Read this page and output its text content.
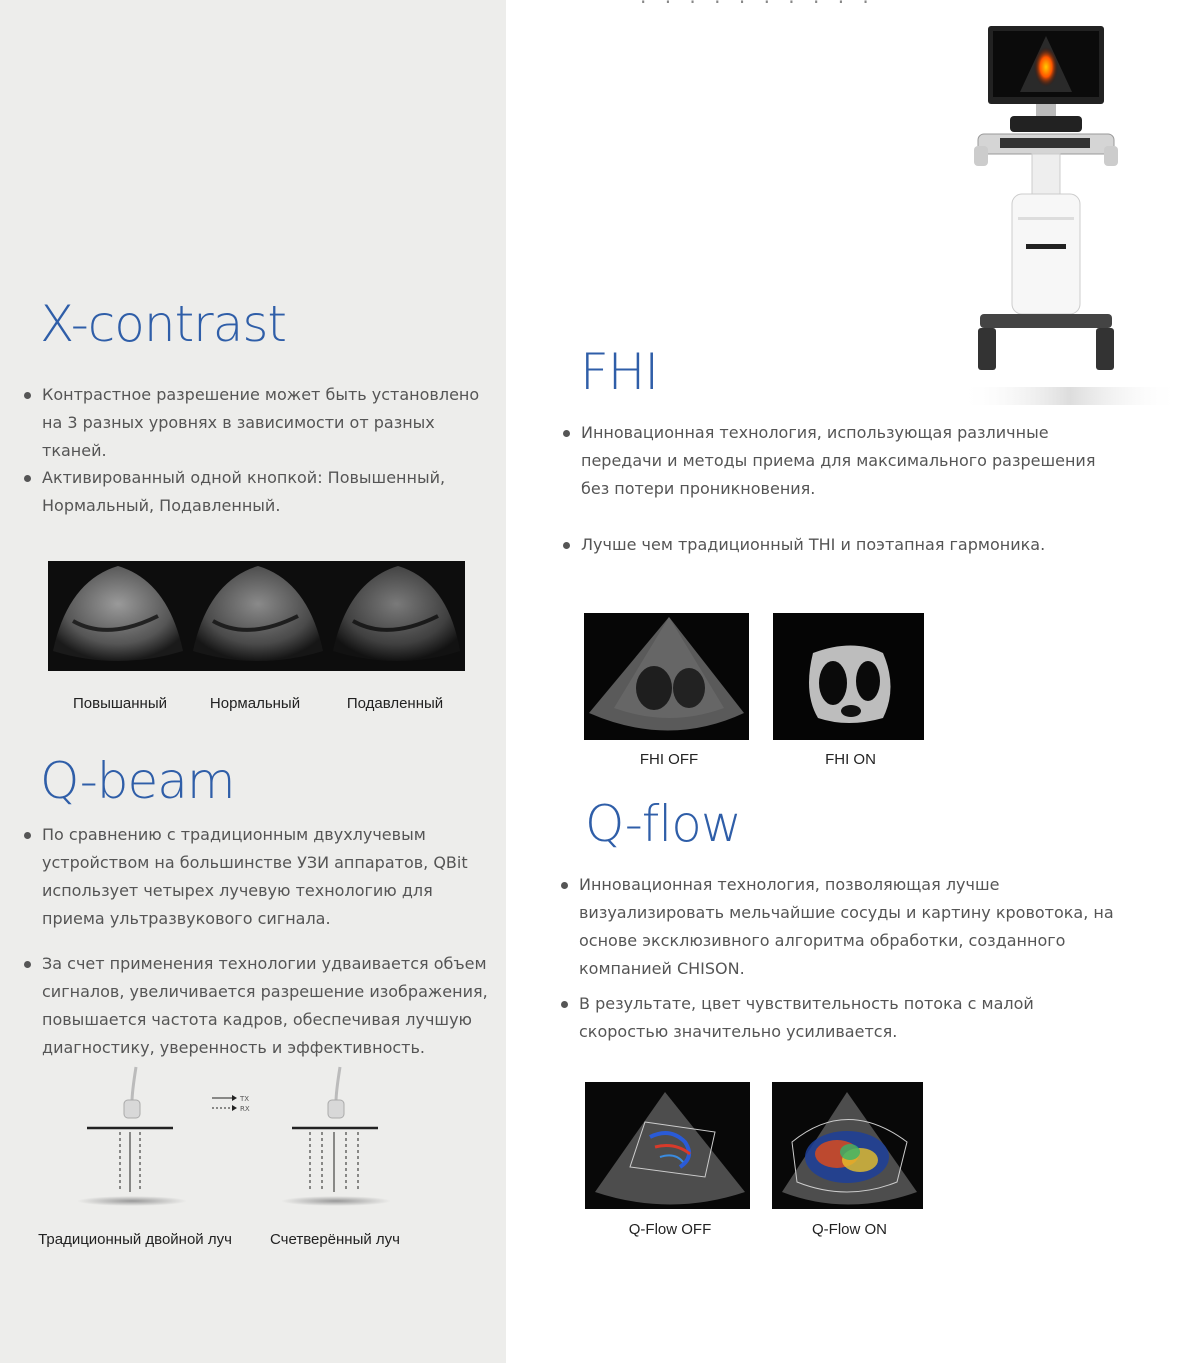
· · · · · · · · · ·
X-contrast

Контрастное разрешение может быть установлено на 3 разных уровнях в зависимости от разных тканей.

Активированный одной кнопкой: Повышенный, Нормальный, Подавленный.

Повышанный	Нормальный	Подавленный
Q-beam

По сравнению с традиционным двухлучевым устройством на большинстве УЗИ аппаратов, QBit использует четырех лучевую технологию для приема ультразвукового сигнала.

За счет применения технологии удваивается объем сигналов, увеличивается разрешение изображения, повышается частота кадров, обеспечивая лучшую диагностику, уверенность и эффективность.

TX
RX
Традиционный двойной луч	Счетверённый луч
FHI

Инновационная технология, использующая различные передачи и методы приема для максимального разрешения без потери проникновения.

Лучше чем традиционный THI и поэтапная гармоника.

FHI OFF	FHI ON
Q-flow

Инновационная технология, позволяющая лучше визуализировать мельчайшие сосуды и картину кровотока, на основе эксклюзивного алгоритма обработки, созданного компанией CHISON.

В результате, цвет чувствительность потока с малой скоростью значительно усиливается.

Q-Flow OFF	Q-Flow ON
